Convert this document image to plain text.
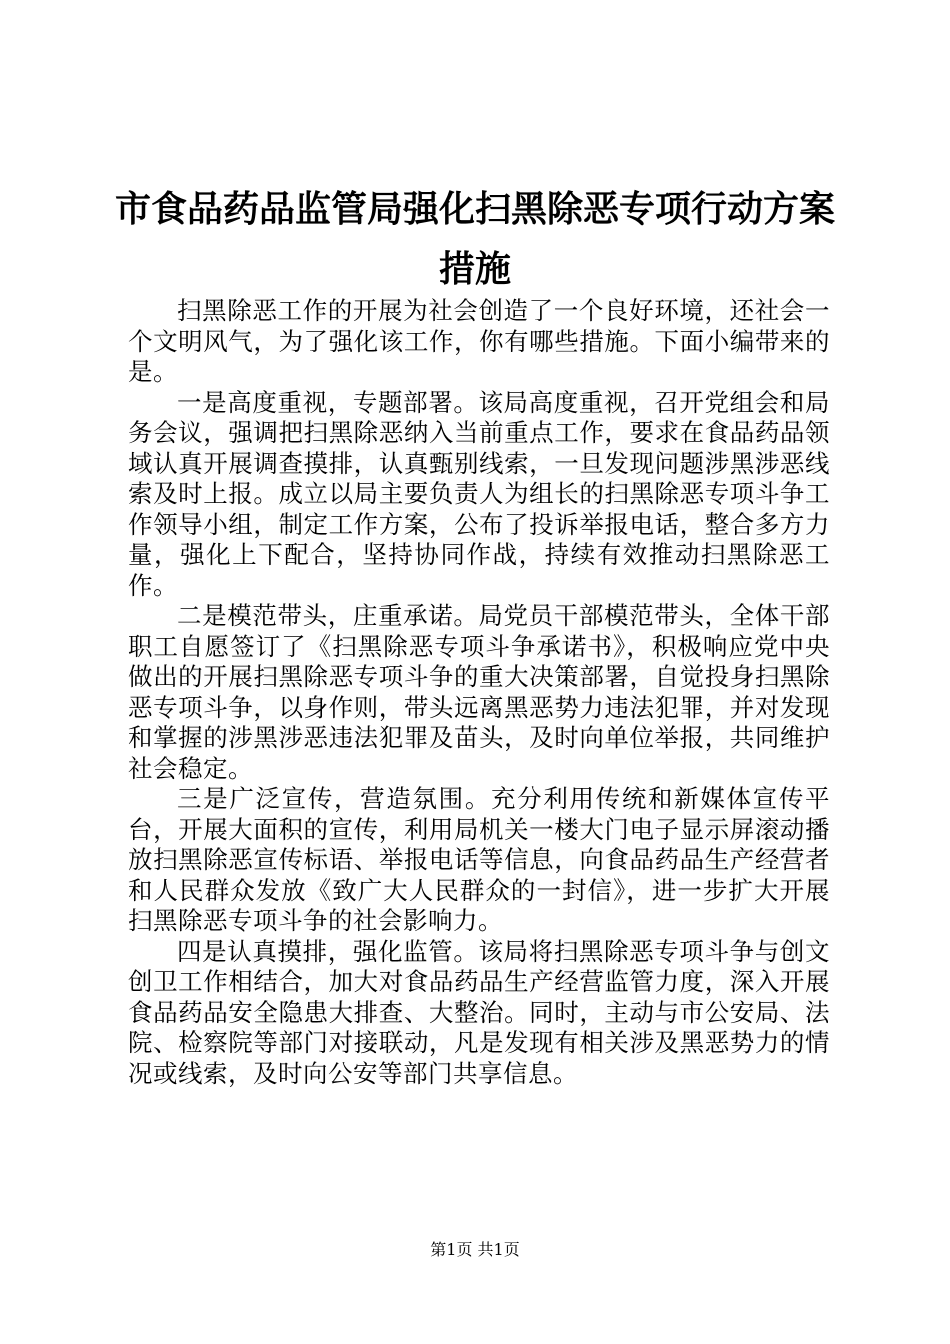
市食品药品监管局强化扫黑除恶专项行动方案措施

扫黑除恶工作的开展为社会创造了一个良好环境，还社会一个文明风气，为了强化该工作，你有哪些措施。下面小编带来的是。

一是高度重视，专题部署。该局高度重视，召开党组会和局务会议，强调把扫黑除恶纳入当前重点工作，要求在食品药品领域认真开展调查摸排，认真甄别线索，一旦发现问题涉黑涉恶线索及时上报。成立以局主要负责人为组长的扫黑除恶专项斗争工作领导小组，制定工作方案，公布了投诉举报电话，整合多方力量，强化上下配合，坚持协同作战，持续有效推动扫黑除恶工作。

二是模范带头，庄重承诺。局党员干部模范带头，全体干部职工自愿签订了《扫黑除恶专项斗争承诺书》，积极响应党中央做出的开展扫黑除恶专项斗争的重大决策部署，自觉投身扫黑除恶专项斗争，以身作则，带头远离黑恶势力违法犯罪，并对发现和掌握的涉黑涉恶违法犯罪及苗头，及时向单位举报，共同维护社会稳定。

三是广泛宣传，营造氛围。充分利用传统和新媒体宣传平台，开展大面积的宣传，利用局机关一楼大门电子显示屏滚动播放扫黑除恶宣传标语、举报电话等信息，向食品药品生产经营者和人民群众发放《致广大人民群众的一封信》，进一步扩大开展扫黑除恶专项斗争的社会影响力。

四是认真摸排，强化监管。该局将扫黑除恶专项斗争与创文创卫工作相结合，加大对食品药品生产经营监管力度，深入开展食品药品安全隐患大排查、大整治。同时，主动与市公安局、法院、检察院等部门对接联动，凡是发现有相关涉及黑恶势力的情况或线索，及时向公安等部门共享信息。

第1页 共1页
